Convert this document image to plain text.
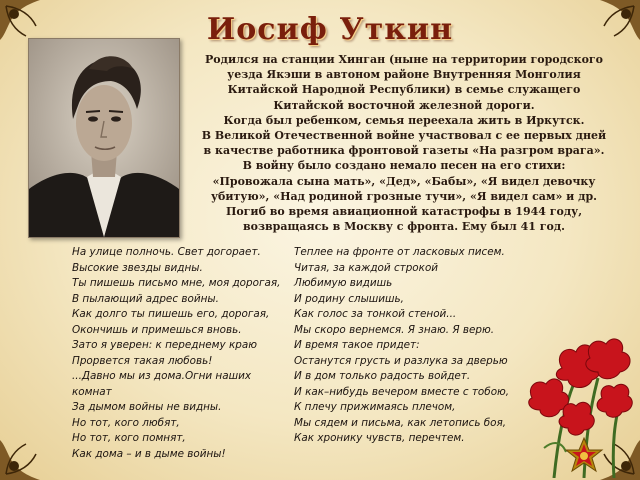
Иосиф Уткин
Родился на станции Хинган (ныне на территории городского
уезда Якэши в автоном районе Внутренняя Монголия
Китайской Народной Республики) в семье служащего
Китайской восточной железной дороги.
Когда был ребенком, семья переехала жить в Иркутск.
В Великой Отечественной войне участвовал с ее первых дней
в качестве работника фронтовой газеты «На разгром врага».
В войну было создано немало песен на его стихи:
«Провожала сына мать», «Дед», «Бабы», «Я видел девочку
убитую», «Над родиной грозные тучи», «Я видел сам» и др.
Погиб во время авиационной катастрофы в 1944 году,
возвращаясь в Москву с фронта. Ему был 41 год.
На улице полночь. Свет догорает.
Высокие звезды видны.
Ты пишешь письмо мне, моя дорогая,
В пылающий адрес войны.
Как долго ты пишешь его, дорогая,
Окончишь и примешься вновь.
Зато я уверен: к переднему краю
Прорвется такая любовь!
...Давно мы из дома.Огни наших
комнат
За дымом войны не видны.
Но тот, кого любят,
Но тот, кого помнят,
Как дома – и в дыме войны!
Теплее на фронте от ласковых писем.
Читая, за каждой строкой
Любимую видишь
И родину слышишь,
Как голос за тонкой стеной...
Мы скоро вернемся. Я знаю. Я верю.
И время такое придет:
Останутся грусть и разлука за дверью
И в дом только радость войдет.
И как–нибудь вечером вместе с тобою,
К плечу прижимаясь плечом,
Мы сядем и письма, как летопись боя,
Как хронику чувств, перечтем.
